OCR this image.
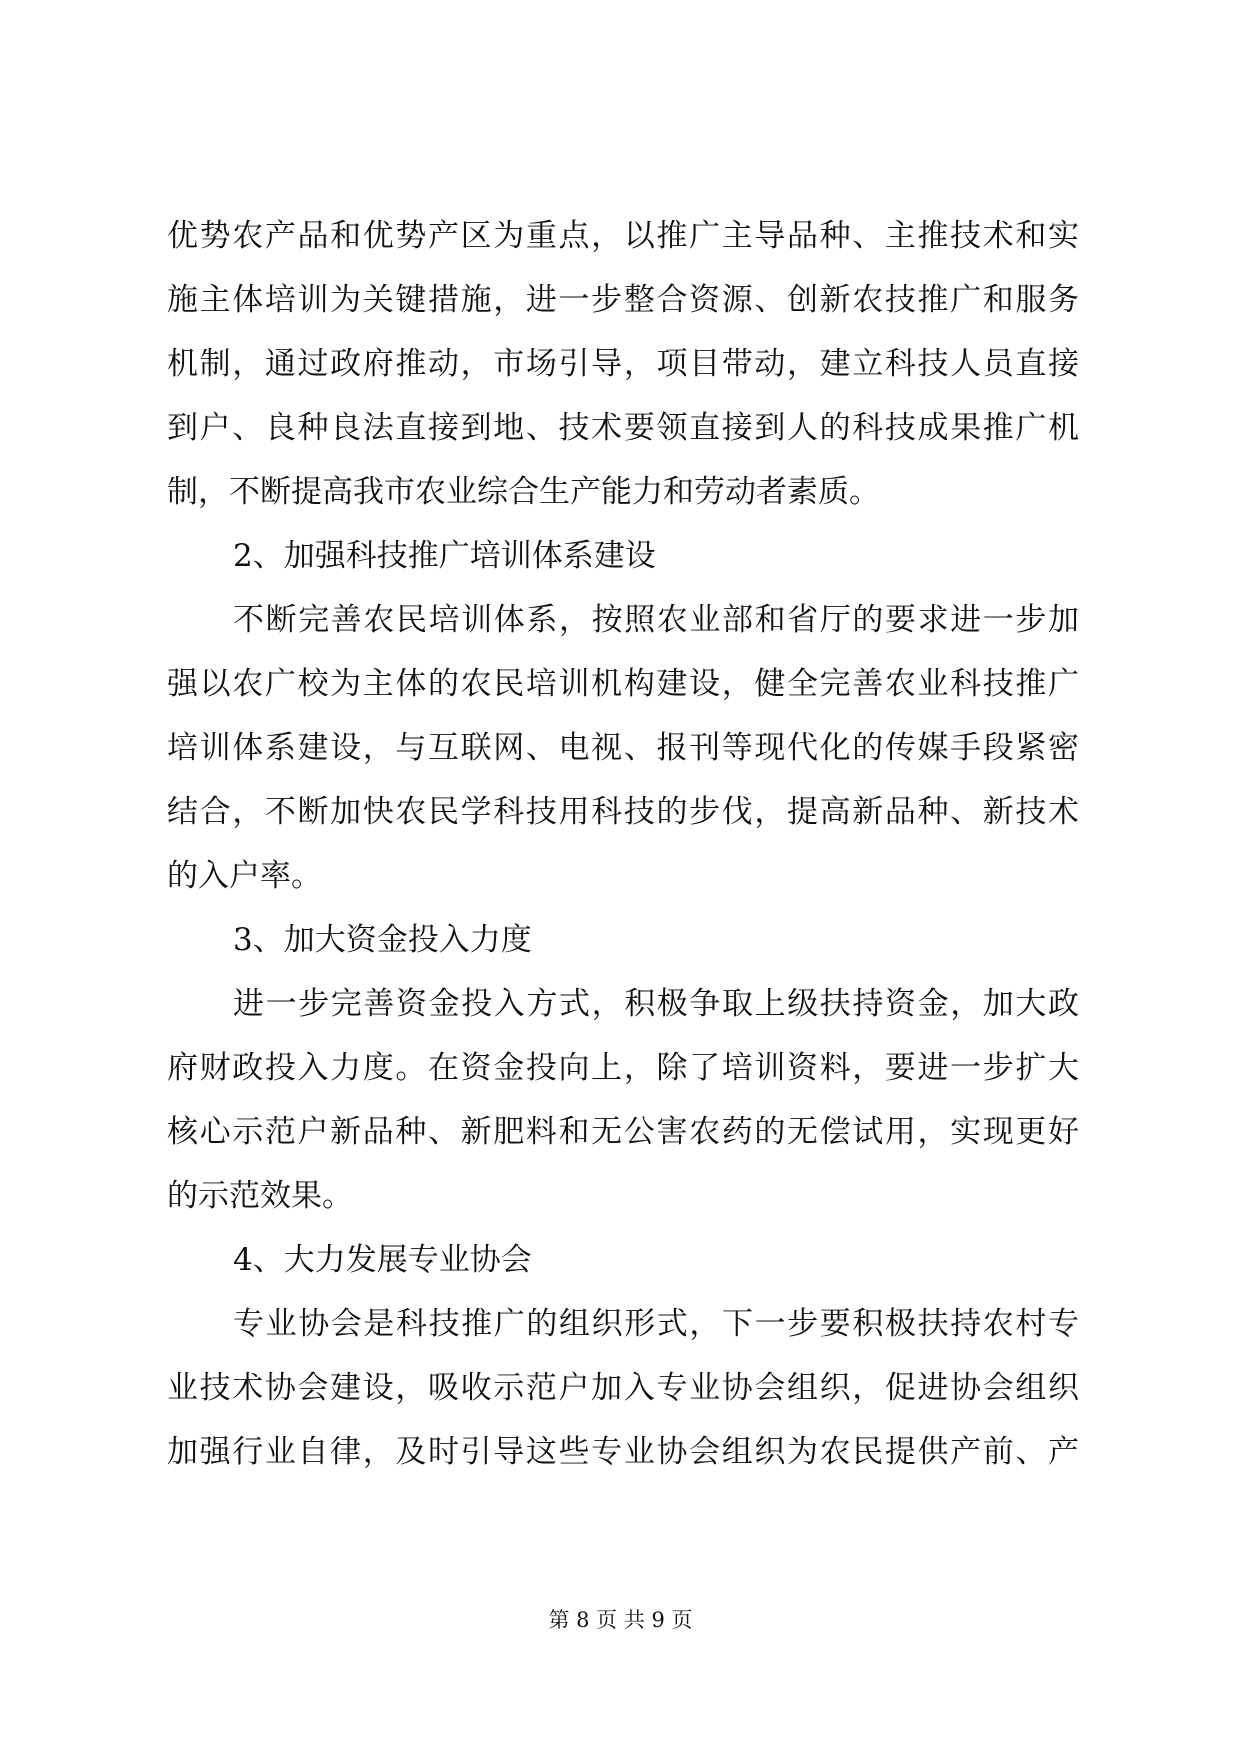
优势农产品和优势产区为重点，以推广主导品种、主推技术和实
施主体培训为关键措施，进一步整合资源、创新农技推广和服务
机制，通过政府推动，市场引导，项目带动，建立科技人员直接
到户、良种良法直接到地、技术要领直接到人的科技成果推广机
制，不断提高我市农业综合生产能力和劳动者素质。
2、加强科技推广培训体系建设
不断完善农民培训体系，按照农业部和省厅的要求进一步加
强以农广校为主体的农民培训机构建设，健全完善农业科技推广
培训体系建设，与互联网、电视、报刊等现代化的传媒手段紧密
结合，不断加快农民学科技用科技的步伐，提高新品种、新技术
的入户率。
3、加大资金投入力度
进一步完善资金投入方式，积极争取上级扶持资金，加大政
府财政投入力度。在资金投向上，除了培训资料，要进一步扩大
核心示范户新品种、新肥料和无公害农药的无偿试用，实现更好
的示范效果。
4、大力发展专业协会
专业协会是科技推广的组织形式，下一步要积极扶持农村专
业技术协会建设，吸收示范户加入专业协会组织，促进协会组织
加强行业自律，及时引导这些专业协会组织为农民提供产前、产
第 8 页 共 9 页
